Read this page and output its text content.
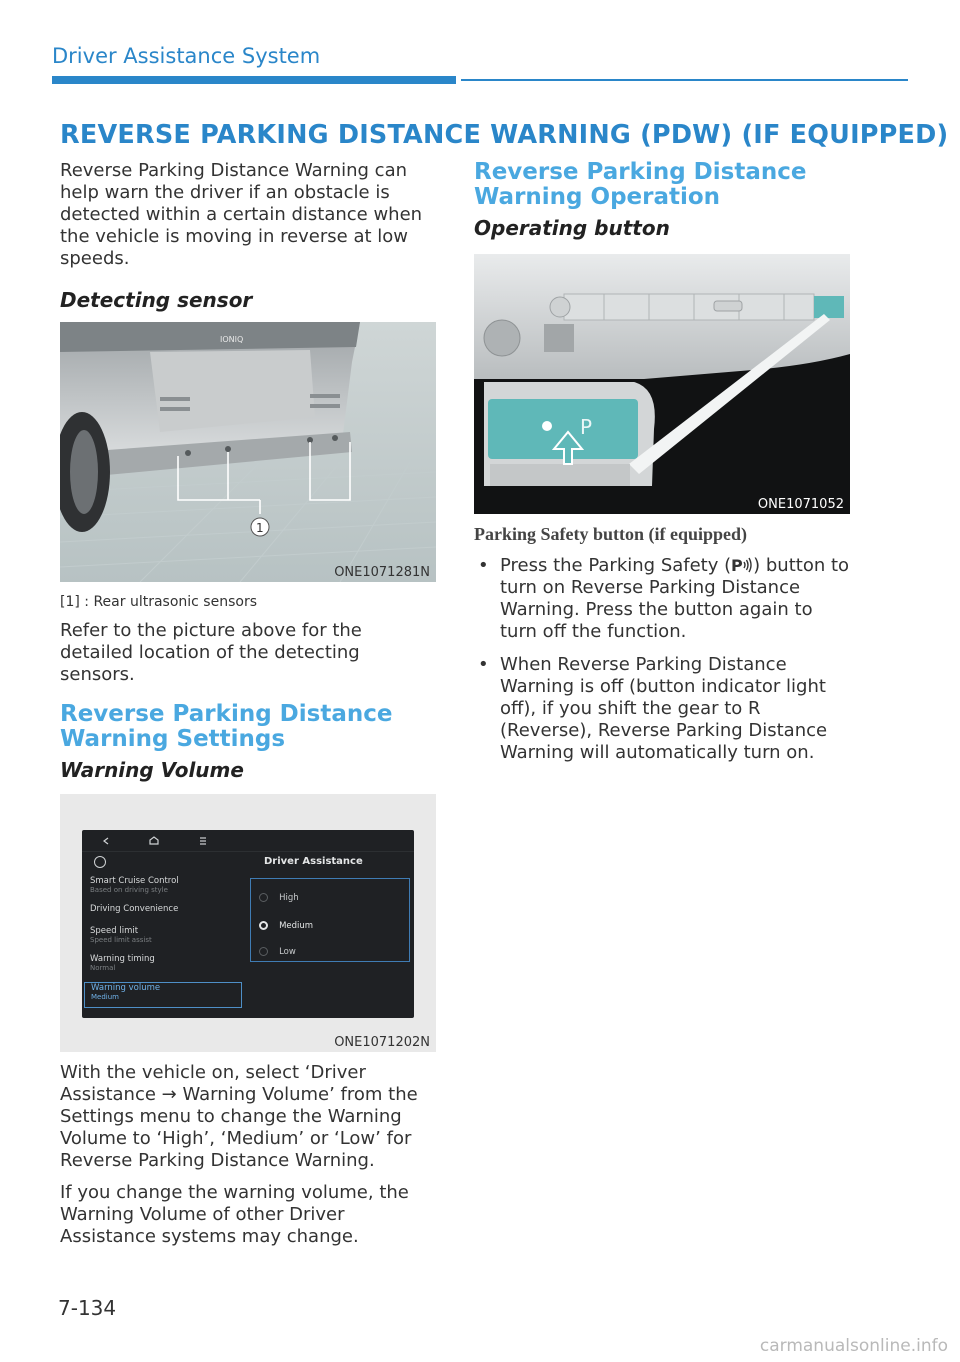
Driver Assistance System
REVERSE PARKING DISTANCE WARNING (PDW) (IF EQUIPPED)

Reverse Parking Distance Warning can help warn the driver if an obstacle is detected within a certain distance when the vehicle is moving in reverse at low speeds.

Detecting sensor

IONIQ
1
ONE1071281N

[1] : Rear ultrasonic sensors

Refer to the picture above for the detailed location of the detecting sensors.

Reverse Parking Distance Warning Settings

Warning Volume

Driver Assistance
Smart Cruise Control
Based on driving style
Driving Convenience
Speed limit
Speed limit assist
Warning timing
Normal
Warning volume
Medium
High
Medium
Low
ONE1071202N

With the vehicle on, select ‘Driver Assistance → Warning Volume’ from the Settings menu to change the Warning Volume to ‘High’, ‘Medium’ or ‘Low’ for Reverse Parking Distance Warning.

If you change the warning volume, the Warning Volume of other Driver Assistance systems may change.

Reverse Parking Distance Warning Operation

Operating button

P
ONE1071052

Parking Safety button (if equipped)

• Press the Parking Safety ( P ) button to turn on Reverse Parking Distance Warning. Press the button again to turn off the function.
• When Reverse Parking Distance Warning is off (button indicator light off), if you shift the gear to R (Reverse), Reverse Parking Distance Warning will automatically turn on.
7-134
carmanualsonline.info
